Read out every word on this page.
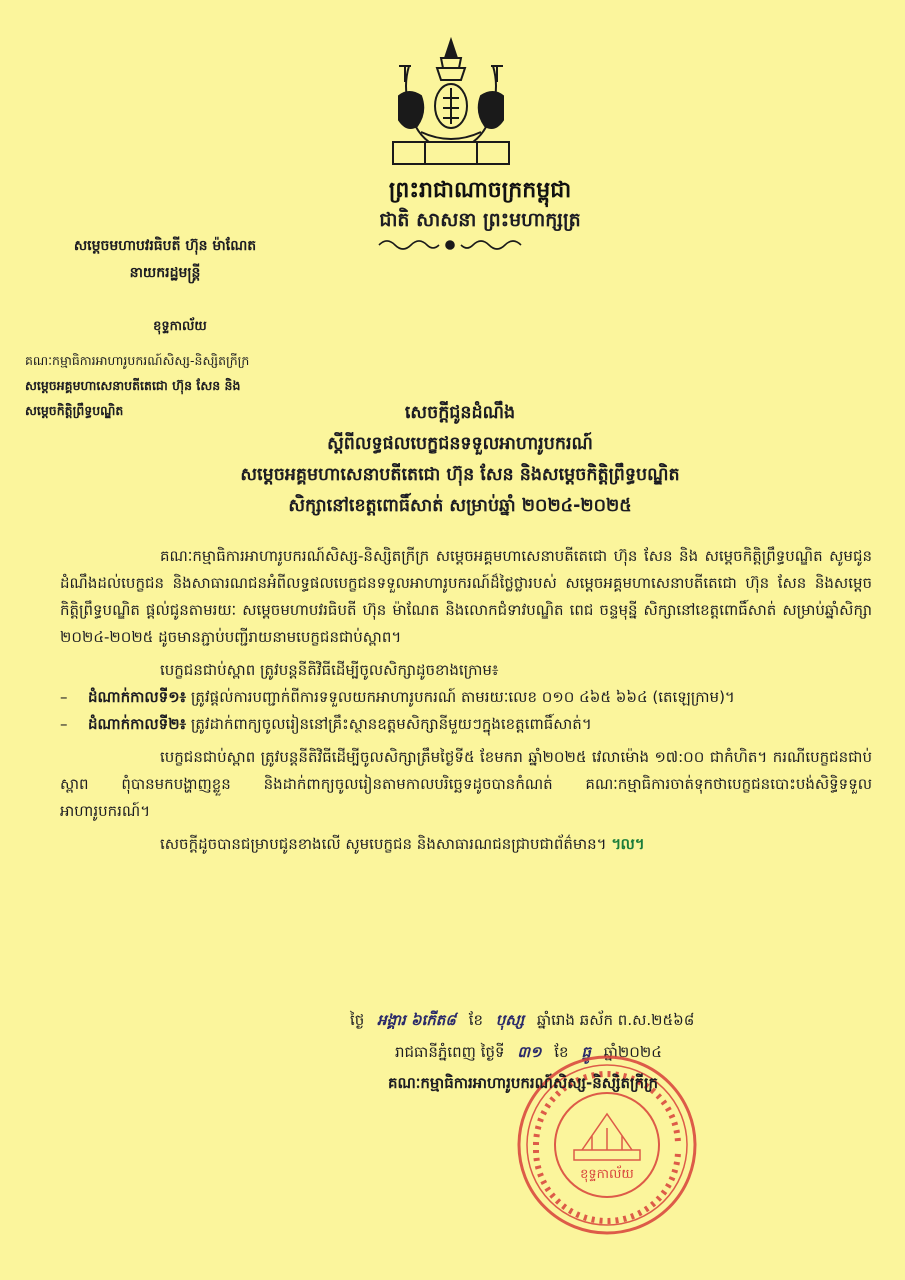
ព្រះរាជាណាចក្រកម្ពុជា
ជាតិ សាសនា ព្រះមហាក្សត្រ
សម្តេចមហាបវរធិបតី ហ៊ុន ម៉ាណែត
នាយករដ្ឋមន្ត្រី
ខុទ្ទកាល័យ
គណៈកម្មាធិការអាហារូបករណ៍សិស្ស-និស្សិតក្រីក្រ
សម្តេចអគ្គមហាសេនាបតីតេជោ ហ៊ុន សែន និង
សម្តេចកិត្តិព្រឹទ្ធបណ្ឌិត	សេចក្តីជូនដំណឹង
ស្តីពីលទ្ធផលបេក្ខជនទទួលអាហារូបករណ៍
សម្តេចអគ្គមហាសេនាបតីតេជោ ហ៊ុន សែន និងសម្តេចកិត្តិព្រឹទ្ធបណ្ឌិត
សិក្សានៅខេត្តពោធិ៍សាត់ សម្រាប់ឆ្នាំ ២០២៤-២០២៥

គណៈកម្មាធិការអាហារូបករណ៍សិស្ស-និស្សិតក្រីក្រ សម្តេចអគ្គមហាសេនាបតីតេជោ ហ៊ុន សែន និង សម្តេចកិត្តិព្រឹទ្ធបណ្ឌិត សូមជូនដំណឹងដល់បេក្ខជន និងសាធារណជនអំពីលទ្ធផលបេក្ខជនទទួលអាហារូបករណ៍ដ៏ថ្លៃថ្លារបស់ សម្តេចអគ្គមហាសេនាបតីតេជោ ហ៊ុន សែន និងសម្តេចកិត្តិព្រឹទ្ធបណ្ឌិត ផ្តល់ជូនតាមរយៈ សម្តេចមហាបវរធិបតី ហ៊ុន ម៉ាណែត និងលោកជំទាវបណ្ឌិត ពេជ ចន្ទមុន្នី សិក្សានៅខេត្តពោធិ៍សាត់ សម្រាប់ឆ្នាំសិក្សា ២០២៤-២០២៥ ដូចមានភ្ជាប់បញ្ជីរាយនាមបេក្ខជនជាប់ស្ពាព។

បេក្ខជនជាប់ស្ពាព ត្រូវបន្តនីតិវិធីដើម្បីចូលសិក្សាដូចខាងក្រោម៖

–	ដំណាក់កាលទី១៖ ត្រូវផ្តល់ការបញ្ជាក់ពីការទទួលយកអាហារូបករណ៍ តាមរយៈលេខ ០១០ ៤៦៥ ៦៦៤ (តេឡេក្រាម)។
–	ដំណាក់កាលទី២៖ ត្រូវដាក់ពាក្យចូលរៀននៅគ្រឹះស្ថានឧត្តមសិក្សានីមួយៗក្នុងខេត្តពោធិ៍សាត់។

បេក្ខជនជាប់ស្ពាព ត្រូវបន្តនីតិវិធីដើម្បីចូលសិក្សាត្រឹមថ្ងៃទី៥ ខែមករា ឆ្នាំ២០២៥ វេលាម៉ោង ១៧:០០ ជាកំហិត។ ករណីបេក្ខជនជាប់ស្ពាព ពុំបានមកបង្ហាញខ្លួន និងដាក់ពាក្យចូលរៀនតាមកាលបរិច្ឆេទដូចបានកំណត់ គណៈកម្មាធិការចាត់ទុកថាបេក្ខជនបោះបង់សិទ្ធិទទួលអាហារូបករណ៍។

សេចក្តីដូចបានជម្រាបជូនខាងលើ សូមបេក្ខជន និងសាធារណជនជ្រាបជាព័ត៌មាន។ ៘

ថ្ងៃ អង្គារ ៦កើត៨ ខែ បុស្ស ឆ្នាំរោង ឆស័ក ព.ស.២៥៦៨
រាជធានីភ្នំពេញ ថ្ងៃទី ៣១ ខែ ធ្នូ ឆ្នាំ២០២៤
ខុទ្ទកាល័យ
គណៈកម្មាធិការអាហារូបករណ៍សិស្ស-និស្សិតក្រីក្រ
